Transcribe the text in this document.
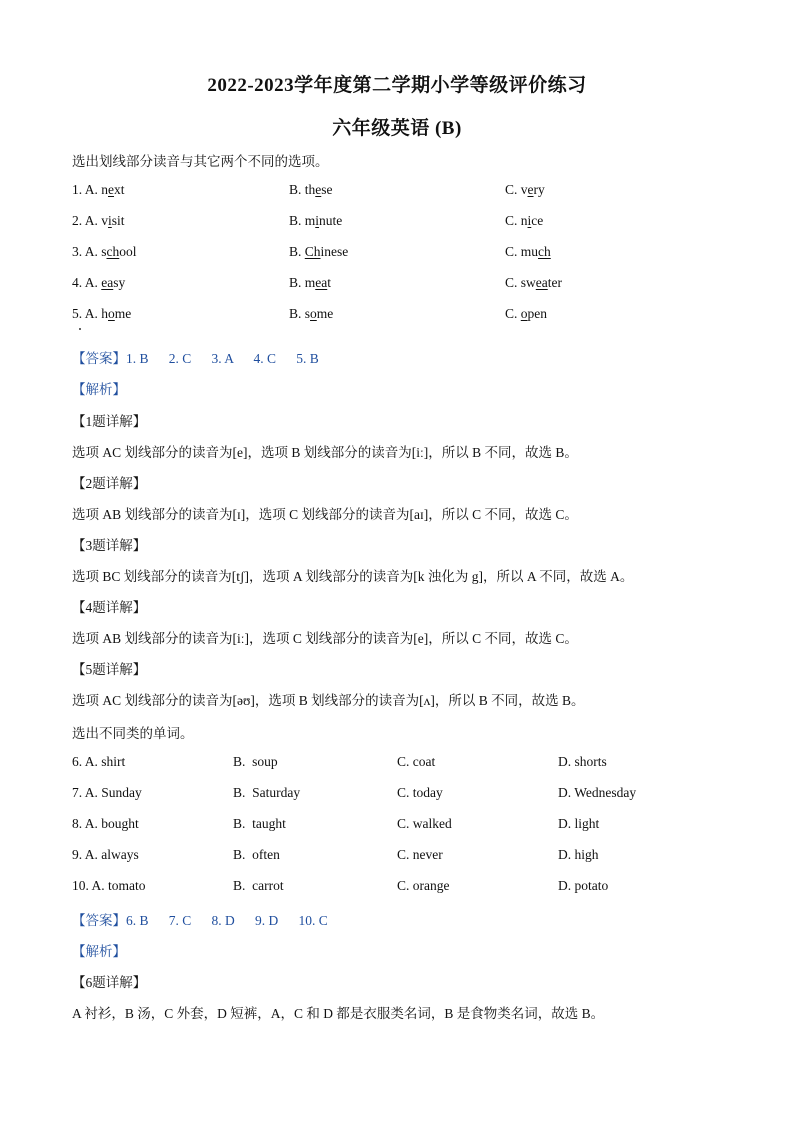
2022-2023学年度第二学期小学等级评价练习
六年级英语 (B)
选出划线部分读音与其它两个不同的选项。
1. A. next	B. these	C. very
2. A. visit	B. minute	C. nice
3. A. school	B. Chinese	C. much
4. A. easy	B. meat	C. sweater
5. A. home	B. some	C. open
【答案】1. B      2. C      3. A      4. C      5. B
【解析】
【1题详解】
选项 AC 划线部分的读音为[e]，选项 B 划线部分的读音为[iː]，所以 B 不同，故选 B。
【2题详解】
选项 AB 划线部分的读音为[ɪ]，选项 C 划线部分的读音为[aɪ]，所以 C 不同，故选 C。
【3题详解】
选项 BC 划线部分的读音为[tʃ]，选项 A 划线部分的读音为[k 浊化为 g]，所以 A 不同，故选 A。
【4题详解】
选项 AB 划线部分的读音为[iː]，选项 C 划线部分的读音为[e]，所以 C 不同，故选 C。
【5题详解】
选项 AC 划线部分的读音为[əʊ]，选项 B 划线部分的读音为[ʌ]，所以 B 不同，故选 B。
选出不同类的单词。
6. A. shirt	B.  soup	C. coat	D. shorts
7. A. Sunday	B.  Saturday	C. today	D. Wednesday
8. A. bought	B.  taught	C. walked	D. light
9. A. always	B.  often	C. never	D. high
10. A. tomato	B.  carrot	C. orange	D. potato
【答案】6. B      7. C      8. D      9. D      10. C
【解析】
【6题详解】
A 衬衫，B 汤，C 外套，D 短裤，A，C 和 D 都是衣服类名词，B 是食物类名词，故选 B。
